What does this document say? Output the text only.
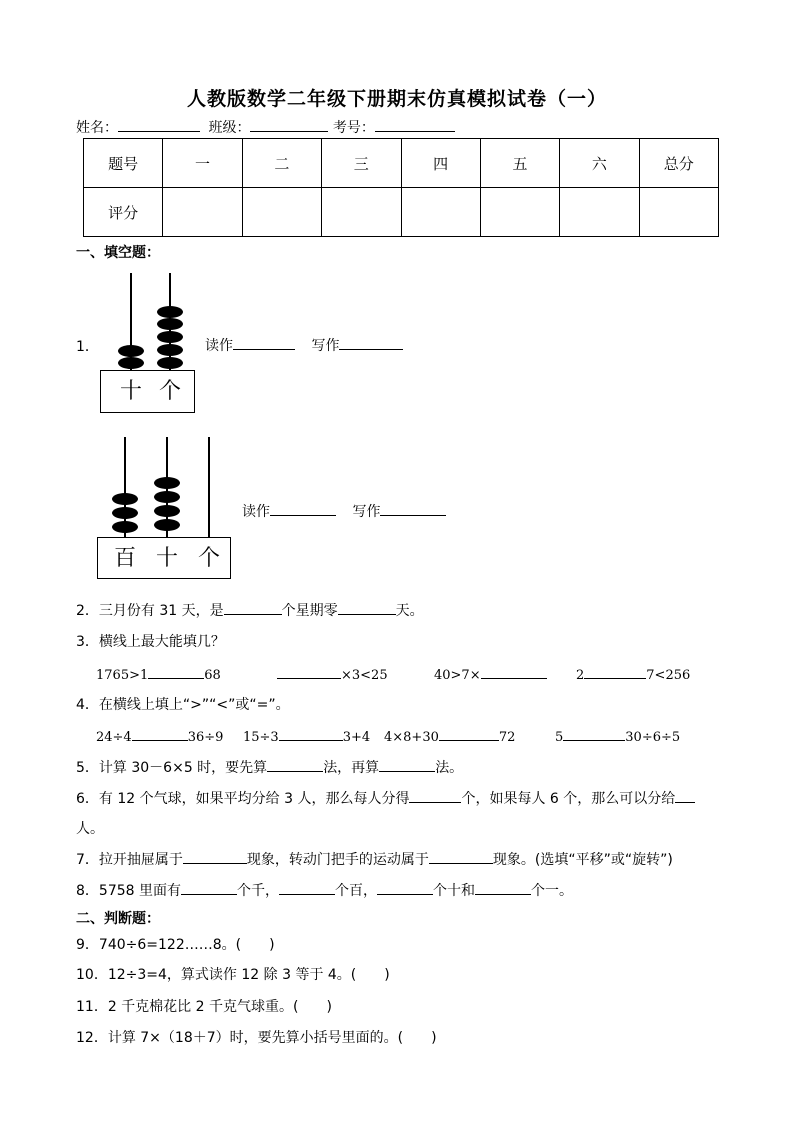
人教版数学二年级下册期末仿真模拟试卷（一）
姓名：	班级：	考号：
题号	一	二	三	四	五	六	总分
评分							
一、填空题：
1．
十 个
读作	写作
百 十 个
读作	写作
2．三月份有 31 天，是	个星期零	天。
3．横线上最大能填几？
1765>1	68	×3<25	40>7×	2	7<256
4．在横线上填上“>”“<”或“=”。
24÷4	36÷9 15÷3	3+4 4×8+30	72	5	30÷6÷5
5．计算 30－6×5 时，要先算	法，再算	法。
6．有 12 个气球，如果平均分给 3 人，那么每人分得	个，如果每人 6 个，那么可以分给
人。
7．拉开抽屉属于	现象，转动门把手的运动属于	现象。(选填“平移”或“旋转”)
8．5758 里面有	个千，	个百，	个十和	个一。
二、判断题：
9．740÷6=122……8。(　　)
10．12÷3=4，算式读作 12 除 3 等于 4。(　　)
11．2 千克棉花比 2 千克气球重。(　　)
12．计算 7×（18＋7）时，要先算小括号里面的。(　　)
